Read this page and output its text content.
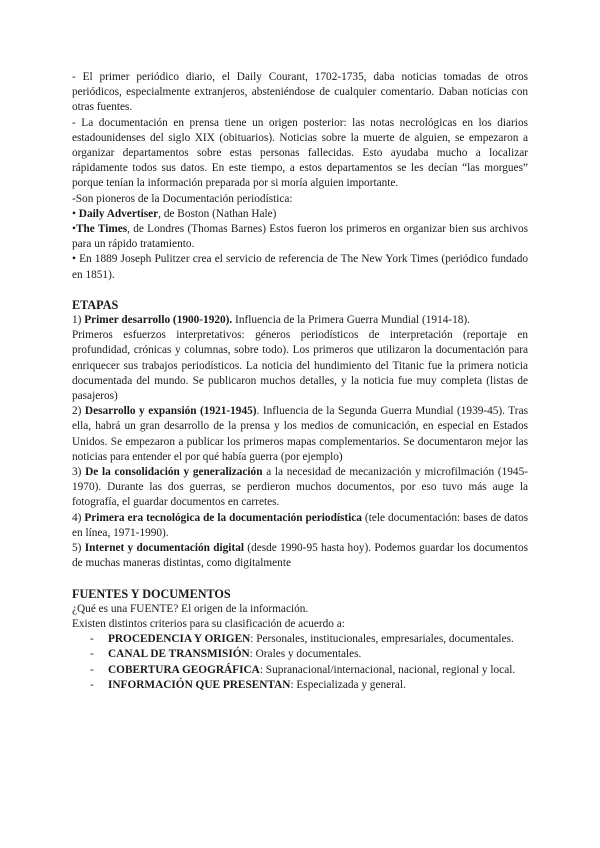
- El primer periódico diario, el Daily Courant, 1702-1735, daba noticias tomadas de otros periódicos, especialmente extranjeros, absteniéndose de cualquier comentario. Daban noticias con otras fuentes.

- La documentación en prensa tiene un origen posterior: las notas necrológicas en los diarios estadounidenses del siglo XIX (obituarios). Noticias sobre la muerte de alguien, se empezaron a organizar departamentos sobre estas personas fallecidas. Esto ayudaba mucho a localizar rápidamente todos sus datos. En este tiempo, a estos departamentos se les decían “las morgues” porque tenían la información preparada por si moría alguien importante.

-Son pioneros de la Documentación periodística:

• Daily Advertiser, de Boston (Nathan Hale)

•The Times, de Londres (Thomas Barnes) Estos fueron los primeros en organizar bien sus archivos para un rápido tratamiento.

• En 1889 Joseph Pulitzer crea el servicio de referencia de The New York Times (periódico fundado en 1851).

ETAPAS

1) Primer desarrollo (1900-1920). Influencia de la Primera Guerra Mundial (1914-18).

Primeros esfuerzos interpretativos: géneros periodísticos de interpretación (reportaje en profundidad, crónicas y columnas, sobre todo). Los primeros que utilizaron la documentación para enriquecer sus trabajos periodísticos. La noticia del hundimiento del Titanic fue la primera noticia documentada del mundo. Se publicaron muchos detalles, y la noticia fue muy completa (listas de pasajeros)

2) Desarrollo y expansión (1921-1945). Influencia de la Segunda Guerra Mundial (1939-45). Tras ella, habrá un gran desarrollo de la prensa y los medios de comunicación, en especial en Estados Unidos. Se empezaron a publicar los primeros mapas complementarios. Se documentaron mejor las noticias para entender el por qué había guerra (por ejemplo)

3) De la consolidación y generalización a la necesidad de mecanización y microfilmación (1945-1970). Durante las dos guerras, se perdieron muchos documentos, por eso tuvo más auge la fotografía, el guardar documentos en carretes.

4) Primera era tecnológica de la documentación periodística (tele documentación: bases de datos en línea, 1971-1990).

5) Internet y documentación digital (desde 1990-95 hasta hoy). Podemos guardar los documentos de muchas maneras distintas, como digitalmente

FUENTES Y DOCUMENTOS

¿Qué es una FUENTE? El origen de la información.

Existen distintos criterios para su clasificación de acuerdo a:

- PROCEDENCIA Y ORIGEN: Personales, institucionales, empresariales, documentales.
- CANAL DE TRANSMISIÓN: Orales y documentales.
- COBERTURA GEOGRÁFICA: Supranacional/internacional, nacional, regional y local.
- INFORMACIÓN QUE PRESENTAN: Especializada y general.
